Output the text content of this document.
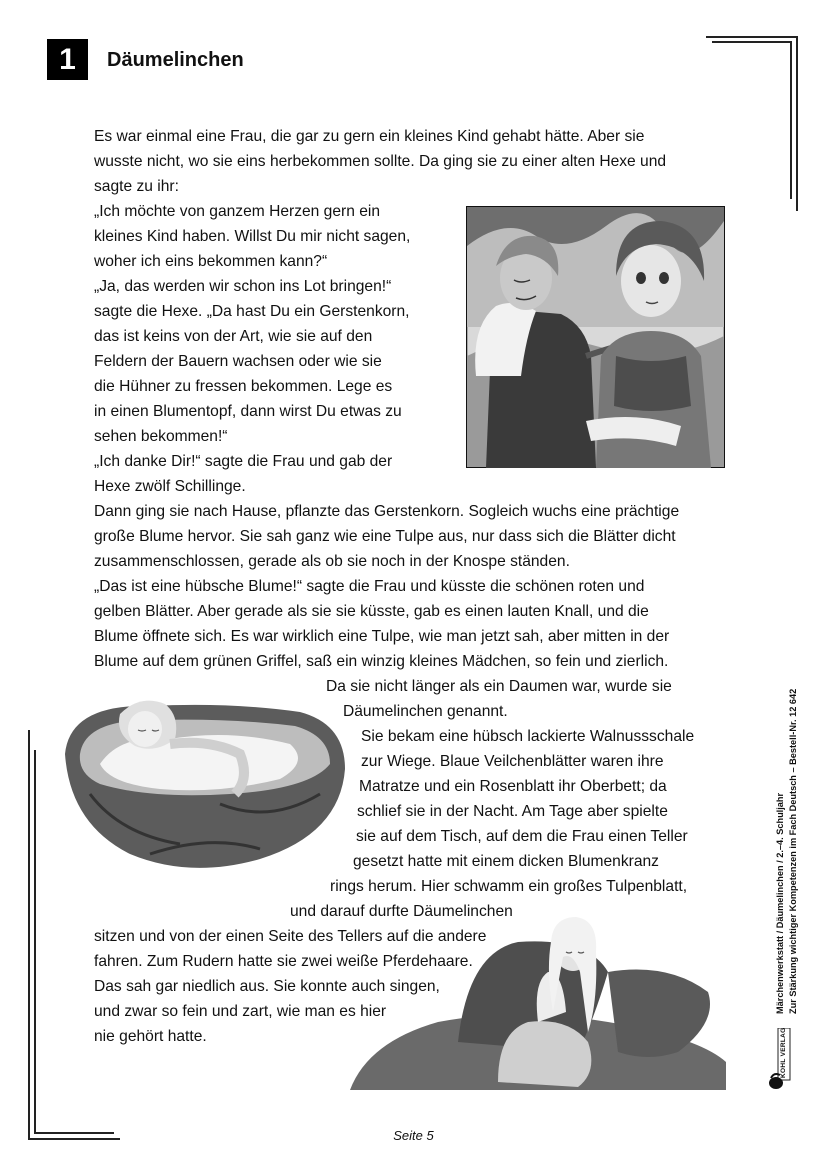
1	Däumelinchen
Es war einmal eine Frau, die gar zu gern ein kleines Kind gehabt hätte. Aber sie
wusste nicht, wo sie eins herbekommen sollte. Da ging sie zu einer alten Hexe und
sagte zu ihr:
„Ich möchte von ganzem Herzen gern ein
kleines Kind haben. Willst Du mir nicht sagen,
woher ich eins bekommen kann?“
„Ja, das werden wir schon ins Lot bringen!“
sagte die Hexe. „Da hast Du ein Gerstenkorn,
das ist keins von der Art, wie sie auf den
Feldern der Bauern wachsen oder wie sie
die Hühner zu fressen bekommen. Lege es
in einen Blumentopf, dann wirst Du etwas zu
sehen bekommen!“
„Ich danke Dir!“ sagte die Frau und gab der
Hexe zwölf Schillinge.
Dann ging sie nach Hause, pflanzte das Gerstenkorn. Sogleich wuchs eine prächtige
große Blume hervor. Sie sah ganz wie eine Tulpe aus, nur dass sich die Blätter dicht
zusammenschlossen, gerade als ob sie noch in der Knospe ständen.
„Das ist eine hübsche Blume!“ sagte die Frau und küsste die schönen roten und
gelben Blätter. Aber gerade als sie sie küsste, gab es einen lauten Knall, und die
Blume öffnete sich. Es war wirklich eine Tulpe, wie man jetzt sah, aber mitten in der
Blume auf dem grünen Griffel, saß ein winzig kleines Mädchen, so fein und zierlich.
Da sie nicht länger als ein Daumen war, wurde sie
Däumelinchen genannt.
Sie bekam eine hübsch lackierte Walnussschale
zur Wiege. Blaue Veilchenblätter waren ihre
Matratze und ein Rosenblatt ihr Oberbett; da
schlief sie in der Nacht. Am Tage aber spielte
sie auf dem Tisch, auf dem die Frau einen Teller
gesetzt hatte mit einem dicken Blumenkranz
rings herum. Hier schwamm ein großes Tulpenblatt,
und darauf durfte Däumelinchen
sitzen und von der einen Seite des Tellers auf die andere
fahren. Zum Rudern hatte sie zwei weiße Pferdehaare.
Das sah gar niedlich aus. Sie konnte auch singen,
und zwar so fein und zart, wie man es hier
nie gehört hatte.
Märchenwerkstatt / Däumelinchen / 2.–4. Schuljahr Zur Stärkung wichtiger Kompetenzen im Fach Deutsch – Bestell-Nr. 12 642
KOHL VERLAG
Seite 5
